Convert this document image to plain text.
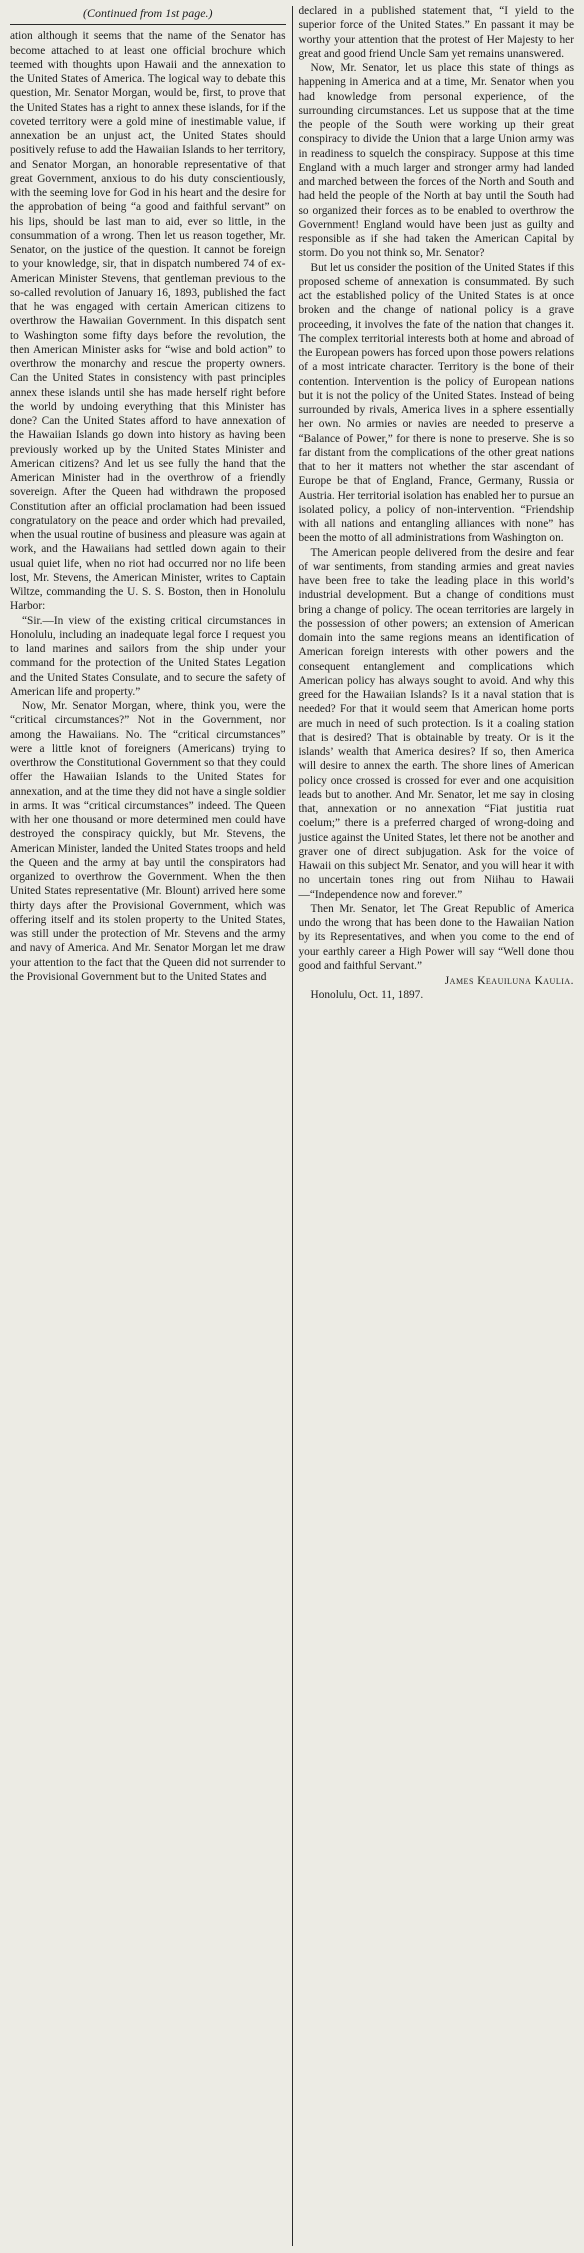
(Continued from 1st page.)

ation although it seems that the name of the Senator has become attached to at least one official brochure which teemed with thoughts upon Hawaii and the annexation to the United States of America. The logical way to debate this question, Mr. Senator Morgan, would be, first, to prove that the United States has a right to annex these islands, for if the coveted territory were a gold mine of inestimable value, if annexation be an unjust act, the United States should positively refuse to add the Hawaiian Islands to her territory, and Senator Morgan, an honorable representative of that great Government, anxious to do his duty conscientiously, with the seeming love for God in his heart and the desire for the approbation of being “a good and faithful servant” on his lips, should be last man to aid, ever so little, in the consummation of a wrong. Then let us reason together, Mr. Senator, on the justice of the question. It cannot be foreign to your knowledge, sir, that in dispatch numbered 74 of ex-American Minister Stevens, that gentleman previous to the so-called revolution of January 16, 1893, published the fact that he was engaged with certain American citizens to overthrow the Hawaiian Government. In this dispatch sent to Washington some fifty days before the revolution, the then American Minister asks for “wise and bold action” to overthrow the monarchy and rescue the property owners. Can the United States in consistency with past principles annex these islands until she has made herself right before the world by undoing everything that this Minister has done? Can the United States afford to have annexation of the Hawaiian Islands go down into history as having been previously worked up by the United States Minister and American citizens? And let us see fully the hand that the American Minister had in the overthrow of a friendly sovereign. After the Queen had withdrawn the proposed Constitution after an official proclamation had been issued congratulatory on the peace and order which had prevailed, when the usual routine of business and pleasure was again at work, and the Hawaiians had settled down again to their usual quiet life, when no riot had occurred nor no life been lost, Mr. Stevens, the American Minister, writes to Captain Wiltze, commanding the U. S. S. Boston, then in Honolulu Harbor:

“Sir.—In view of the existing critical circumstances in Honolulu, including an inadequate legal force I request you to land marines and sailors from the ship under your command for the protection of the United States Legation and the United States Consulate, and to secure the safety of American life and property.”

Now, Mr. Senator Morgan, where, think you, were the “critical circumstances?” Not in the Government, nor among the Hawaiians. No. The “critical circumstances” were a little knot of foreigners (Americans) trying to overthrow the Constitutional Government so that they could offer the Hawaiian Islands to the United States for annexation, and at the time they did not have a single soldier in arms. It was “critical circumstances” indeed. The Queen with her one thousand or more determined men could have destroyed the conspiracy quickly, but Mr. Stevens, the American Minister, landed the United States troops and held the Queen and the army at bay until the conspirators had organized to overthrow the Government. When the then United States representative (Mr. Blount) arrived here some thirty days after the Provisional Government, which was offering itself and its stolen property to the United States, was still under the protection of Mr. Stevens and the army and navy of America. And Mr. Senator Morgan let me draw your attention to the fact that the Queen did not surrender to the Provisional Government but to the United States and

declared in a published statement that, “I yield to the superior force of the United States.” En passant it may be worthy your attention that the protest of Her Majesty to her great and good friend Uncle Sam yet remains unanswered.

Now, Mr. Senator, let us place this state of things as happening in America and at a time, Mr. Senator when you had knowledge from personal experience, of the surrounding circumstances. Let us suppose that at the time the people of the South were working up their great conspiracy to divide the Union that a large Union army was in readiness to squelch the conspiracy. Suppose at this time England with a much larger and stronger army had landed and marched between the forces of the North and South and had held the people of the North at bay until the South had so organized their forces as to be enabled to overthrow the Government! England would have been just as guilty and responsible as if she had taken the American Capital by storm. Do you not think so, Mr. Senator?

But let us consider the position of the United States if this proposed scheme of annexation is consummated. By such act the established policy of the United States is at once broken and the change of national policy is a grave proceeding, it involves the fate of the nation that changes it. The complex territorial interests both at home and abroad of the European powers has forced upon those powers relations of a most intricate character. Territory is the bone of their contention. Intervention is the policy of European nations but it is not the policy of the United States. Instead of being surrounded by rivals, America lives in a sphere essentially her own. No armies or navies are needed to preserve a “Balance of Power,” for there is none to preserve. She is so far distant from the complications of the other great nations that to her it matters not whether the star ascendant of Europe be that of England, France, Germany, Russia or Austria. Her territorial isolation has enabled her to pursue an isolated policy, a policy of non-intervention. “Friendship with all nations and entangling alliances with none” has been the motto of all administrations from Washington on.

The American people delivered from the desire and fear of war sentiments, from standing armies and great navies have been free to take the leading place in this world’s industrial development. But a change of conditions must bring a change of policy. The ocean territories are largely in the possession of other powers; an extension of American domain into the same regions means an identification of American foreign interests with other powers and the consequent entanglement and complications which American policy has always sought to avoid. And why this greed for the Hawaiian Islands? Is it a naval station that is needed? For that it would seem that American home ports are much in need of such protection. Is it a coaling station that is desired? That is obtainable by treaty. Or is it the islands’ wealth that America desires? If so, then America will desire to annex the earth. The shore lines of American policy once crossed is crossed for ever and one acquisition leads but to another. And Mr. Senator, let me say in closing that, annexation or no annexation “Fiat justitia ruat coelum;” there is a preferred charged of wrong-doing and justice against the United States, let there not be another and graver one of direct subjugation. Ask for the voice of Hawaii on this subject Mr. Senator, and you will hear it with no uncertain tones ring out from Niihau to Hawaii—“Independence now and forever.”

Then Mr. Senator, let The Great Republic of America undo the wrong that has been done to the Hawaiian Nation by its Representatives, and when you come to the end of your earthly career a High Power will say “Well done thou good and faithful Servant.”

James Keauiluna Kaulia.

Honolulu, Oct. 11, 1897.
